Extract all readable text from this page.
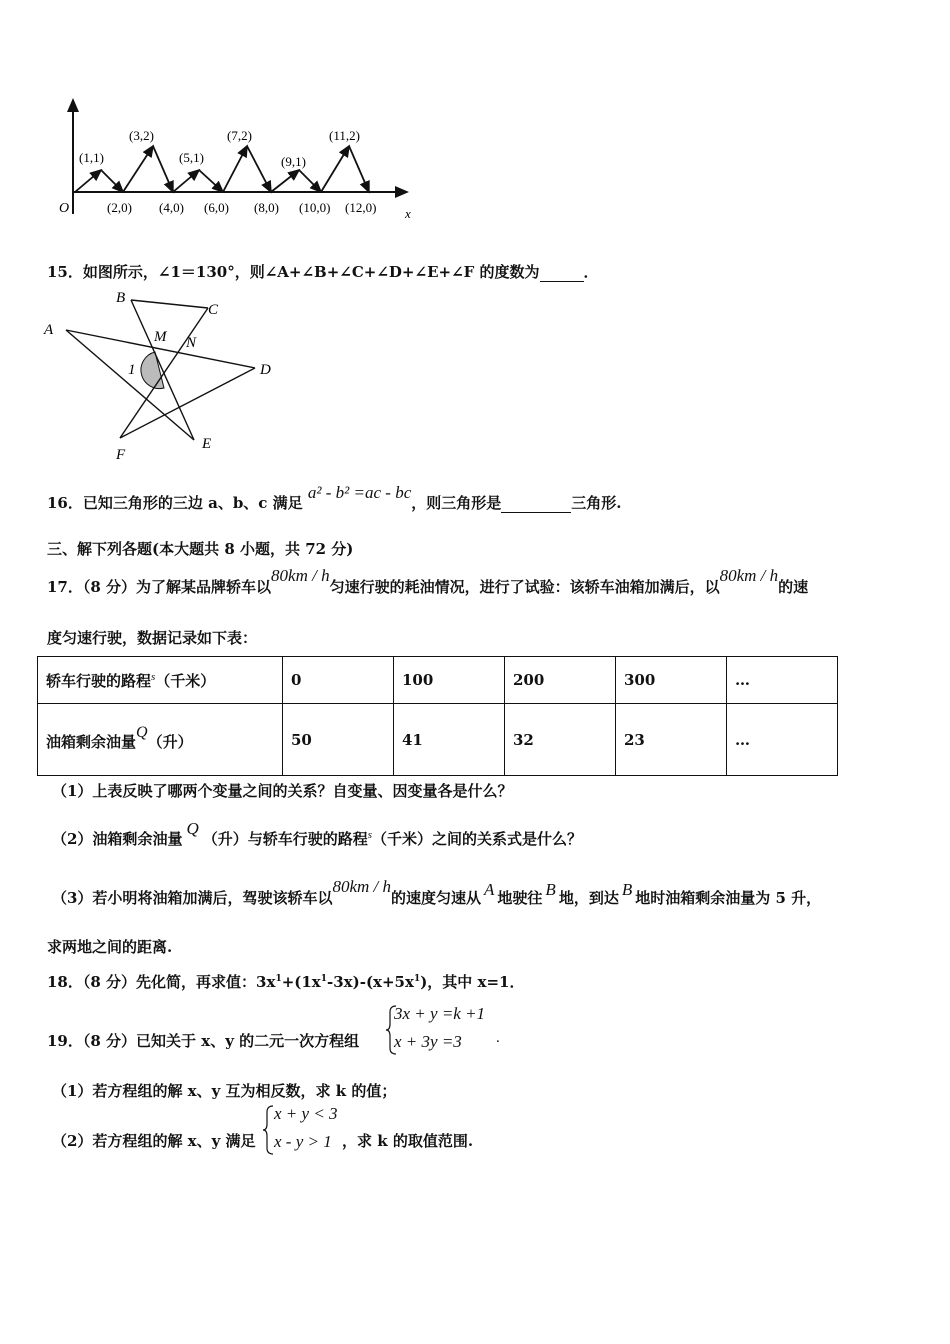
O	x
(1,1)
(3,2)
(5,1)
(7,2)
(9,1)
(11,2)
(2,0) (4,0) (6,0) (8,0) (10,0) (12,0)
15．如图所示，∠1＝130°，则∠A+∠B+∠C+∠D+∠E+∠F 的度数为	．
A
B
C
D
E
F
M N
1
16．已知三角形的三边 a、b、c 满足 a² - b² =ac - bc，则三角形是	三角形.
三、解下列各题(本大题共 8 小题，共 72 分)
17．（8 分）为了解某品牌轿车以80km / h匀速行驶的耗油情况，进行了试验：该轿车油箱加满后，以80km / h的速
度匀速行驶，数据记录如下表：
轿车行驶的路程$^s$（千米）	0	100	200	300	…
油箱剩余油量$^Q$（升）	50	41	32	23	…
（1）上表反映了哪两个变量之间的关系？自变量、因变量各是什么？
（2）油箱剩余油量Q（升）与轿车行驶的路程$^s$（千米）之间的关系式是什么？
（3）若小明将油箱加满后，驾驶该轿车以80km / h的速度匀速从 A 地驶往 B 地，到达 B 地时油箱剩余油量为 5 升，
求两地之间的距离.
18．（8 分）先化简，再求值：$3x^1+(1x^1-3x)-(x+5x^1)$，其中 x=1．
19．（8 分）已知关于 x、y 的二元一次方程组
3x + y =k +1
x + 3y =3 .
（1）若方程组的解 x、y 互为相反数，求 k 的值；
（2）若方程组的解 x、y 满足
x + y < 3
x - y > 1 ，求 k 的取值范围.
